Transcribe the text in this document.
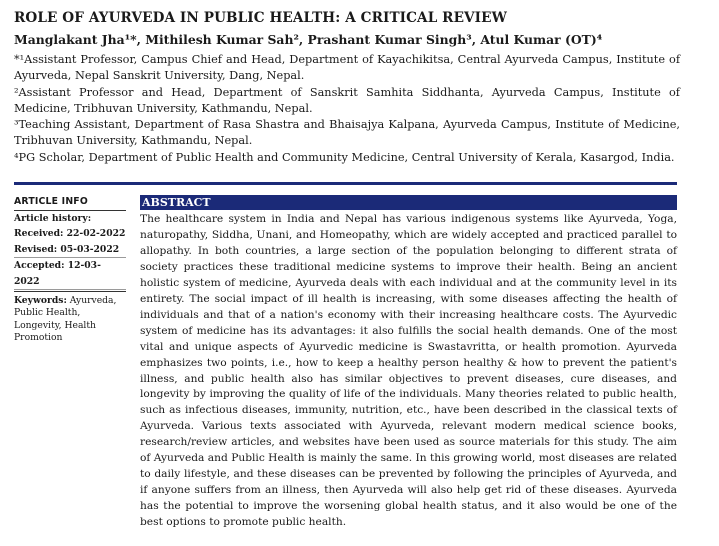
ROLE OF AYURVEDA IN PUBLIC HEALTH: A CRITICAL REVIEW
Manglakant Jha¹*, Mithilesh Kumar Sah², Prashant Kumar Singh³, Atul Kumar (OT)⁴

*¹Assistant Professor, Campus Chief and Head, Department of Kayachikitsa, Central Ayurveda Campus, Institute of Ayurveda, Nepal Sanskrit University, Dang, Nepal.

²Assistant Professor and Head, Department of Sanskrit Samhita Siddhanta, Ayurveda Campus, Institute of Medicine, Tribhuvan University, Kathmandu, Nepal.

³Teaching Assistant, Department of Rasa Shastra and Bhaisajya Kalpana, Ayurveda Campus, Institute of Medicine, Tribhuvan University, Kathmandu, Nepal.

⁴PG Scholar, Department of Public Health and Community Medicine, Central University of Kerala, Kasargod, India.

ARTICLE INFO
Article history:
Received: 22-02-2022
Revised: 05-03-2022
Accepted: 12-03-2022
Keywords: Ayurveda, Public Health, Longevity, Health Promotion
ABSTRACT
The healthcare system in India and Nepal has various indigenous systems like Ayurveda, Yoga, naturopathy, Siddha, Unani, and Homeopathy, which are widely accepted and practiced parallel to allopathy. In both countries, a large section of the population belonging to different strata of society practices these traditional medicine systems to improve their health. Being an ancient holistic system of medicine, Ayurveda deals with each individual and at the community level in its entirety. The social impact of ill health is increasing, with some diseases affecting the health of individuals and that of a nation's economy with their increasing healthcare costs. The Ayurvedic system of medicine has its advantages: it also fulfills the social health demands. One of the most vital and unique aspects of Ayurvedic medicine is Swastavritta, or health promotion. Ayurveda emphasizes two points, i.e., how to keep a healthy person healthy & how to prevent the patient's illness, and public health also has similar objectives to prevent diseases, cure diseases, and longevity by improving the quality of life of the individuals. Many theories related to public health, such as infectious diseases, immunity, nutrition, etc., have been described in the classical texts of Ayurveda. Various texts associated with Ayurveda, relevant modern medical science books, research/review articles, and websites have been used as source materials for this study. The aim of Ayurveda and Public Health is mainly the same. In this growing world, most diseases are related to daily lifestyle, and these diseases can be prevented by following the principles of Ayurveda, and if anyone suffers from an illness, then Ayurveda will also help get rid of these diseases. Ayurveda has the potential to improve the worsening global health status, and it also would be one of the best options to promote public health.
